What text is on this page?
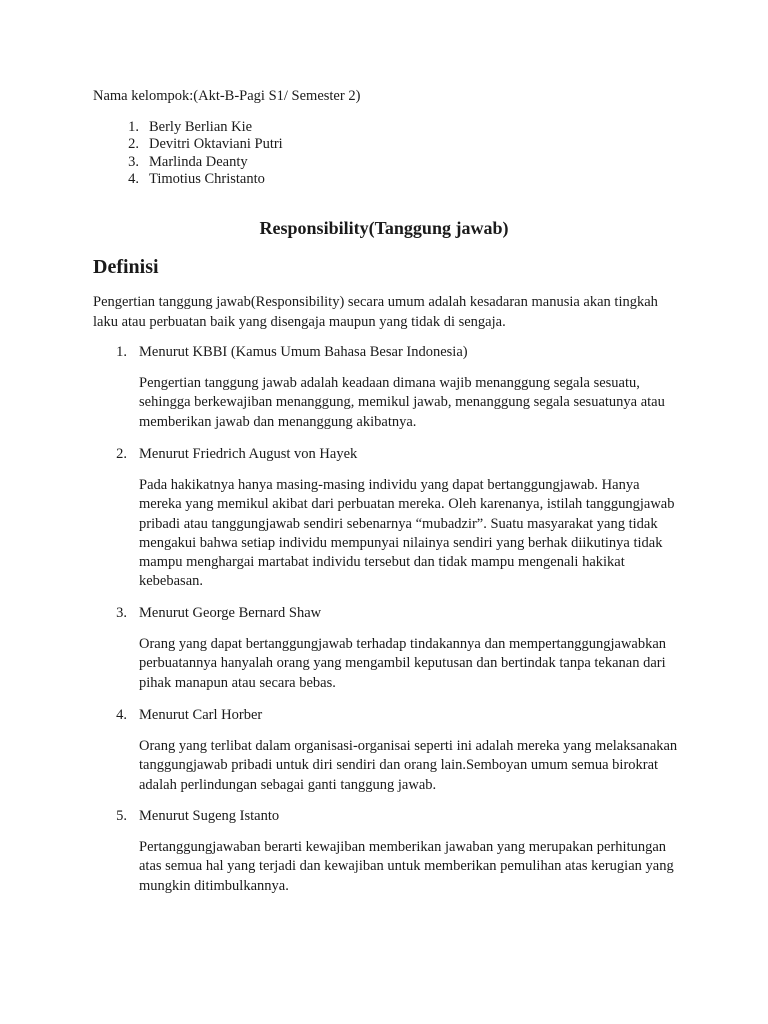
Nama kelompok:(Akt-B-Pagi S1/ Semester 2)
1. Berly Berlian Kie
2. Devitri Oktaviani Putri
3. Marlinda Deanty
4. Timotius Christanto
Responsibility(Tanggung jawab)
Definisi
Pengertian tanggung jawab(Responsibility) secara umum adalah kesadaran manusia akan tingkah laku atau perbuatan baik yang disengaja maupun yang tidak di sengaja.
1. Menurut KBBI (Kamus Umum Bahasa Besar Indonesia)
Pengertian tanggung jawab adalah keadaan dimana wajib menanggung segala sesuatu, sehingga berkewajiban menanggung, memikul jawab, menanggung segala sesuatunya atau memberikan jawab dan menanggung akibatnya.
2. Menurut Friedrich August von Hayek
Pada hakikatnya hanya masing-masing individu yang dapat bertanggungjawab. Hanya mereka yang memikul akibat dari perbuatan mereka. Oleh karenanya, istilah tanggungjawab pribadi atau tanggungjawab sendiri sebenarnya “mubadzir”. Suatu masyarakat yang tidak mengakui bahwa setiap individu mempunyai nilainya sendiri yang berhak diikutinya tidak mampu menghargai martabat individu tersebut dan tidak mampu mengenali hakikat kebebasan.
3. Menurut George Bernard Shaw
Orang yang dapat bertanggungjawab terhadap tindakannya dan mempertanggungjawabkan perbuatannya hanyalah orang yang mengambil keputusan dan bertindak tanpa tekanan dari pihak manapun atau secara bebas.
4. Menurut Carl Horber
Orang yang terlibat dalam organisasi-organisai seperti ini adalah mereka yang melaksanakan tanggungjawab pribadi untuk diri sendiri dan orang lain.Semboyan umum semua birokrat adalah perlindungan sebagai ganti tanggung jawab.
5. Menurut Sugeng Istanto
Pertanggungjawaban berarti kewajiban memberikan jawaban yang merupakan perhitungan atas semua hal yang terjadi dan kewajiban untuk memberikan pemulihan atas kerugian yang mungkin ditimbulkannya.
